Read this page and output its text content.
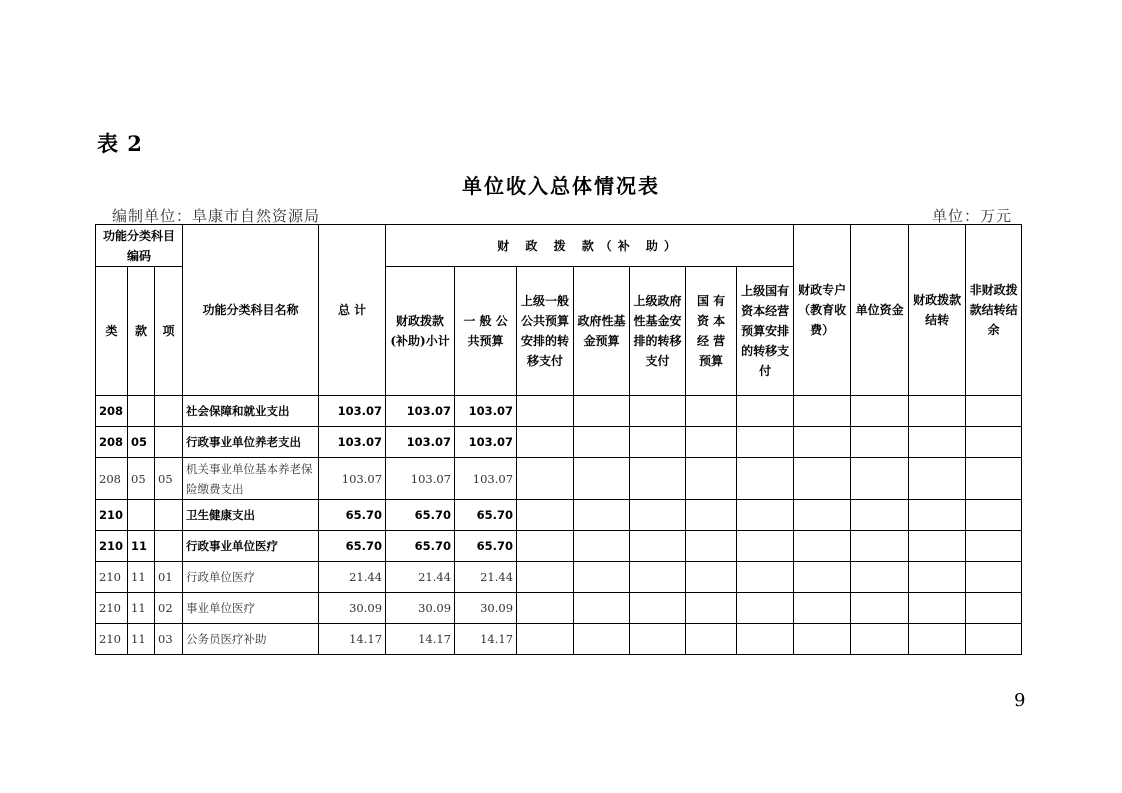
表 2
单位收入总体情况表
编制单位：阜康市自然资源局	单位：万元
功能分类科目编码			功能分类科目名称	总 计	财 政 拨 款（补 助）							财政专户（教育收费）	单位资金	财政拨款结转	非财政拨款结转结余
类	款	项			财政拨款(补助)小计	一 般 公 共预算	上级一般公共预算安排的转移支付	政府性基金预算	上级政府性基金安排的转移支付	国 有 资 本 经 营 预算	上级国有资本经营预算安排的转移支付				
208			社会保障和就业支出	103.07	103.07	103.07									
208	05		行政事业单位养老支出	103.07	103.07	103.07									
208	05	05	机关事业单位基本养老保险缴费支出	103.07	103.07	103.07									
210			卫生健康支出	65.70	65.70	65.70									
210	11		行政事业单位医疗	65.70	65.70	65.70									
210	11	01	行政单位医疗	21.44	21.44	21.44									
210	11	02	事业单位医疗	30.09	30.09	30.09									
210	11	03	公务员医疗补助	14.17	14.17	14.17									
9
